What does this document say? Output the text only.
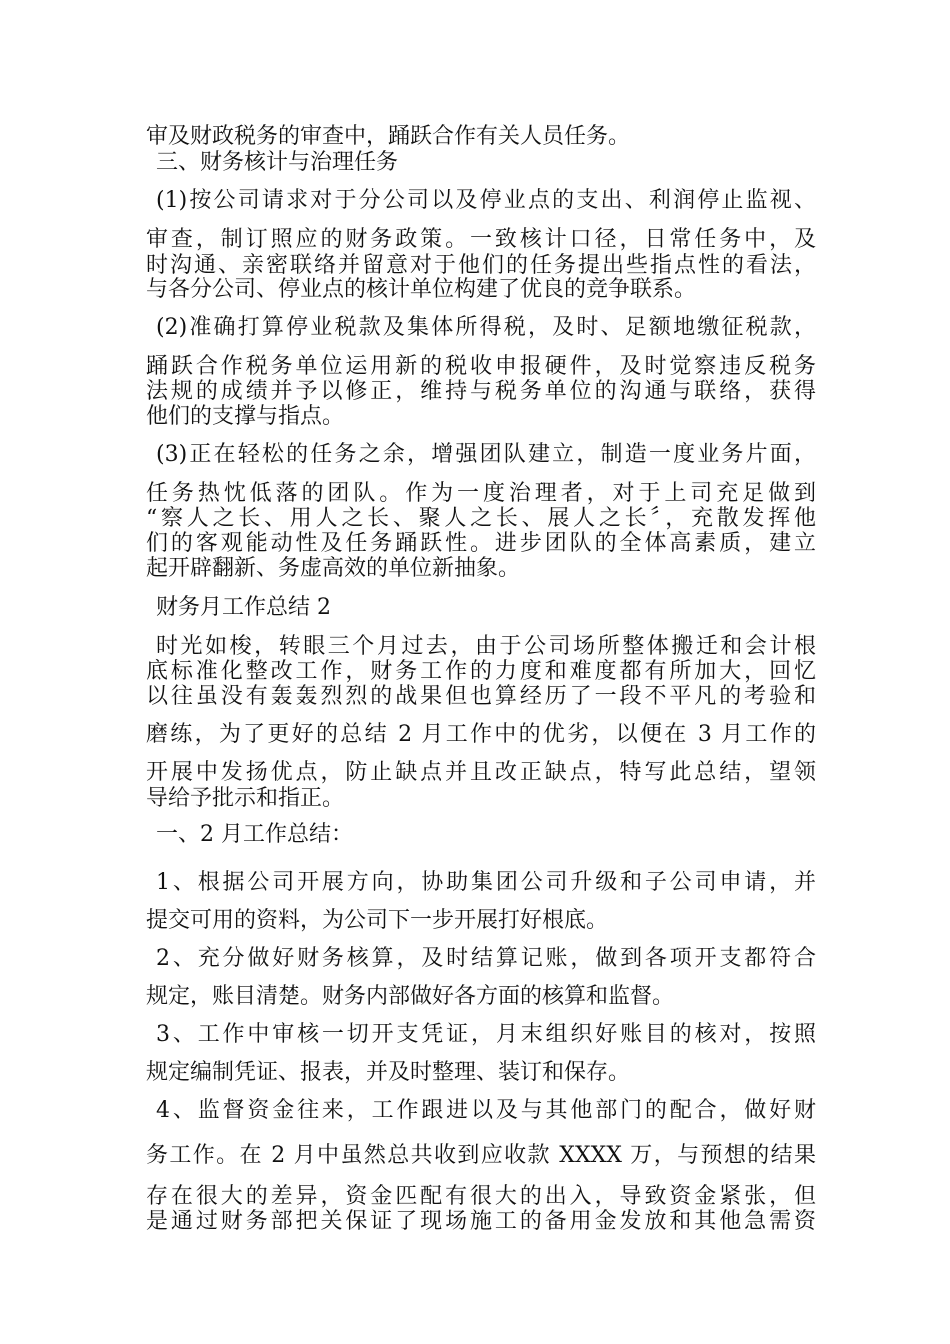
审及财政税务的审查中，踊跃合作有关人员任务。
三、财务核计与治理任务
(1)按公司请求对于分公司以及停业点的支出、利润停止监视、
审查，制订照应的财务政策。一致核计口径，日常任务中，及
时沟通、亲密联络并留意对于他们的任务提出些指点性的看法，
与各分公司、停业点的核计单位构建了优良的竞争联系。
(2)准确打算停业税款及集体所得税，及时、足额地缴征税款，
踊跃合作税务单位运用新的税收申报硬件，及时觉察违反税务
法规的成绩并予以修正，维持与税务单位的沟通与联络，获得
他们的支撑与指点。
(3)正在轻松的任务之余，增强团队建立，制造一度业务片面，
任务热忱低落的团队。作为一度治理者，对于上司充足做到
“察人之长、用人之长、聚人之长、展人之长〞，充散发挥他
们的客观能动性及任务踊跃性。进步团队的全体高素质，建立
起开辟翻新、务虚高效的单位新抽象。
财务月工作总结 2
时光如梭，转眼三个月过去，由于公司场所整体搬迁和会计根
底标准化整改工作，财务工作的力度和难度都有所加大，回忆
以往虽没有轰轰烈烈的战果但也算经历了一段不平凡的考验和
磨练，为了更好的总结 2 月工作中的优劣，以便在 3 月工作的
开展中发扬优点，防止缺点并且改正缺点，特写此总结，望领
导给予批示和指正。
一、2 月工作总结：
1、根据公司开展方向，协助集团公司升级和子公司申请，并
提交可用的资料，为公司下一步开展打好根底。
2、充分做好财务核算，及时结算记账，做到各项开支都符合
规定，账目清楚。财务内部做好各方面的核算和监督。
3、工作中审核一切开支凭证，月末组织好账目的核对，按照
规定编制凭证、报表，并及时整理、装订和保存。
4、监督资金往来，工作跟进以及与其他部门的配合，做好财
务工作。在 2 月中虽然总共收到应收款 XXXX 万，与预想的结果
存在很大的差异，资金匹配有很大的出入，导致资金紧张，但
是通过财务部把关保证了现场施工的备用金发放和其他急需资
